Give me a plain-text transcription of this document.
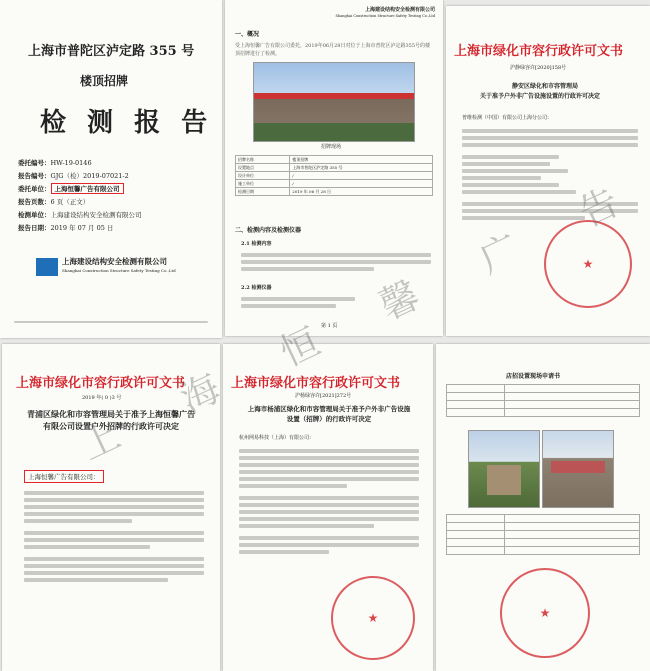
上海市普陀区泸定路 355 号
楼顶招牌
检 测 报 告
委托编号： HW-19-0146
报告编号： GJG（检）2019-07021-2
委托单位： 上海恒馨广告有限公司
报告页数： 6 页（正文）
检测单位： 上海建设结构安全检测有限公司
报告日期： 2019 年 07 月 05 日
上海建设结构安全检测有限公司
Shanghai Construction Structure Safety Testing Co.,Ltd
上海建设结构安全检测有限公司
Shanghai Construction Structure Safety Testing Co.,Ltd
一、概况
受上海恒馨广告有限公司委托，2019年06月28日对位于上海市普陀区泸定路355号的楼顶招牌进行了检测。
招牌现场
招牌名称	楼顶招牌
设置地点	上海市普陀区泸定路 355 号
设计单位	/
施工单位	/
检测日期	2019 年 06 月 28 日
二、检测内容及检测仪器
2.1 检测内容
2.2 检测仪器
第 1 页
上海市绿化市容行政许可文书
沪静绿容许[2020]158号
静安区绿化和市容管理局
关于准予户外非广告设施设置的行政许可决定
普维检测（中国）有限公司上海分公司：
★
上海市绿化市容行政许可文书
2019 年( 0 )3 号
青浦区绿化和市容管理局关于准予上海恒馨广告有限公司设置户外招牌的行政许可决定
上海恒馨广告有限公司：
上海市绿化市容行政许可文书
沪杨绿容许[2021]272号
上海市杨浦区绿化和市容管理局关于准予户外非广告设施设置（招牌）的行政许可决定
杭州网易科技（上海）有限公司：
★
店招设置现场申请书

★
上 海 恒 馨 广 告
